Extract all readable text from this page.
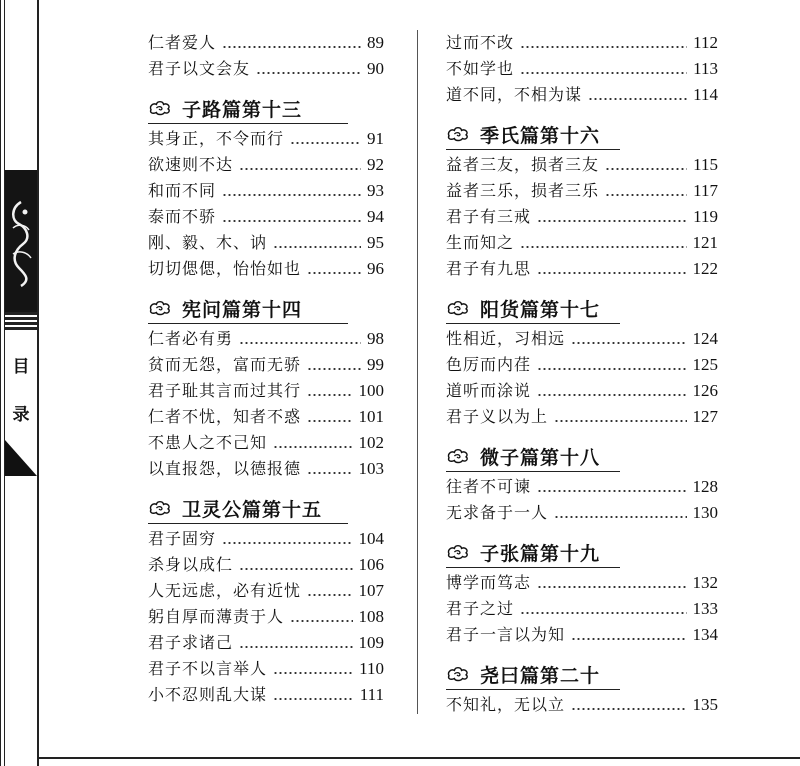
目
录
仁者爱人	89
君子以文会友	90
子路篇第十三
其身正，不令而行	91
欲速则不达	92
和而不同	93
泰而不骄	94
刚、毅、木、讷	95
切切偲偲，怡怡如也	96
宪问篇第十四
仁者必有勇	98
贫而无怨，富而无骄	99
君子耻其言而过其行	100
仁者不忧，知者不惑	101
不患人之不己知	102
以直报怨，以德报德	103
卫灵公篇第十五
君子固穷	104
杀身以成仁	106
人无远虑，必有近忧	107
躬自厚而薄责于人	108
君子求诸己	109
君子不以言举人	110
小不忍则乱大谋	111
过而不改	112
不如学也	113
道不同，不相为谋	114
季氏篇第十六
益者三友，损者三友	115
益者三乐，损者三乐	117
君子有三戒	119
生而知之	121
君子有九思	122
阳货篇第十七
性相近，习相远	124
色厉而内荏	125
道听而涂说	126
君子义以为上	127
微子篇第十八
往者不可谏	128
无求备于一人	130
子张篇第十九
博学而笃志	132
君子之过	133
君子一言以为知	134
尧曰篇第二十
不知礼，无以立	135
